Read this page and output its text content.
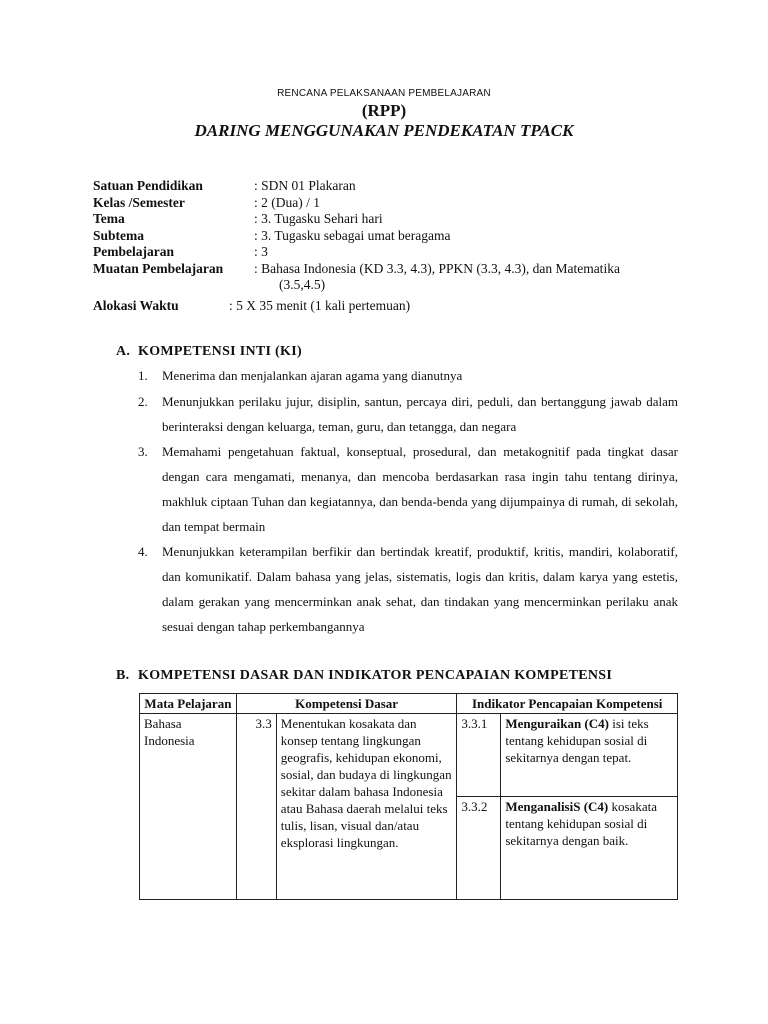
RENCANA PELAKSANAAN PEMBELAJARAN
(RPP)
DARING MENGGUNAKAN PENDEKATAN TPACK
Satuan Pendidikan	: SDN 01 Plakaran
Kelas /Semester	: 2 (Dua) / 1
Tema	: 3. Tugasku Sehari hari
Subtema	: 3. Tugasku sebagai umat beragama
Pembelajaran	: 3
Muatan Pembelajaran : Bahasa Indonesia (KD 3.3, 4.3), PPKN (3.3, 4.3), dan Matematika
(3.5,4.5)
Alokasi Waktu	: 5 X 35 menit (1 kali pertemuan)
A. KOMPETENSI INTI (KI)
1. Menerima dan menjalankan ajaran agama yang dianutnya
2. Menunjukkan perilaku jujur, disiplin, santun, percaya diri, peduli, dan bertanggung jawab dalam berinteraksi dengan keluarga, teman, guru, dan tetangga, dan negara
3. Memahami pengetahuan faktual, konseptual, prosedural, dan metakognitif pada tingkat dasar dengan cara mengamati, menanya, dan mencoba berdasarkan rasa ingin tahu tentang dirinya, makhluk ciptaan Tuhan dan kegiatannya, dan benda-benda yang dijumpainya di rumah, di sekolah, dan tempat bermain
4. Menunjukkan keterampilan berfikir dan bertindak kreatif, produktif, kritis, mandiri, kolaboratif, dan komunikatif. Dalam bahasa yang jelas, sistematis, logis dan kritis, dalam karya yang estetis, dalam gerakan yang mencerminkan anak sehat, dan tindakan yang mencerminkan perilaku anak sesuai dengan tahap perkembangannya
B. KOMPETENSI DASAR DAN INDIKATOR PENCAPAIAN KOMPETENSI
Mata Pelajaran	Kompetensi Dasar		Indikator Pencapaian Kompetensi	
Bahasa Indonesia	3.3	Menentukan kosakata dan konsep tentang lingkungan geografis, kehidupan ekonomi, sosial, dan budaya di lingkungan sekitar dalam bahasa Indonesia atau Bahasa daerah melalui teks tulis, lisan, visual dan/atau eksplorasi lingkungan.	3.3.1	Menguraikan (C4) isi teks tentang kehidupan sosial di sekitarnya dengan tepat.
			3.3.2	MenganalisiS (C4) kosakata tentang kehidupan sosial di sekitarnya dengan baik.
